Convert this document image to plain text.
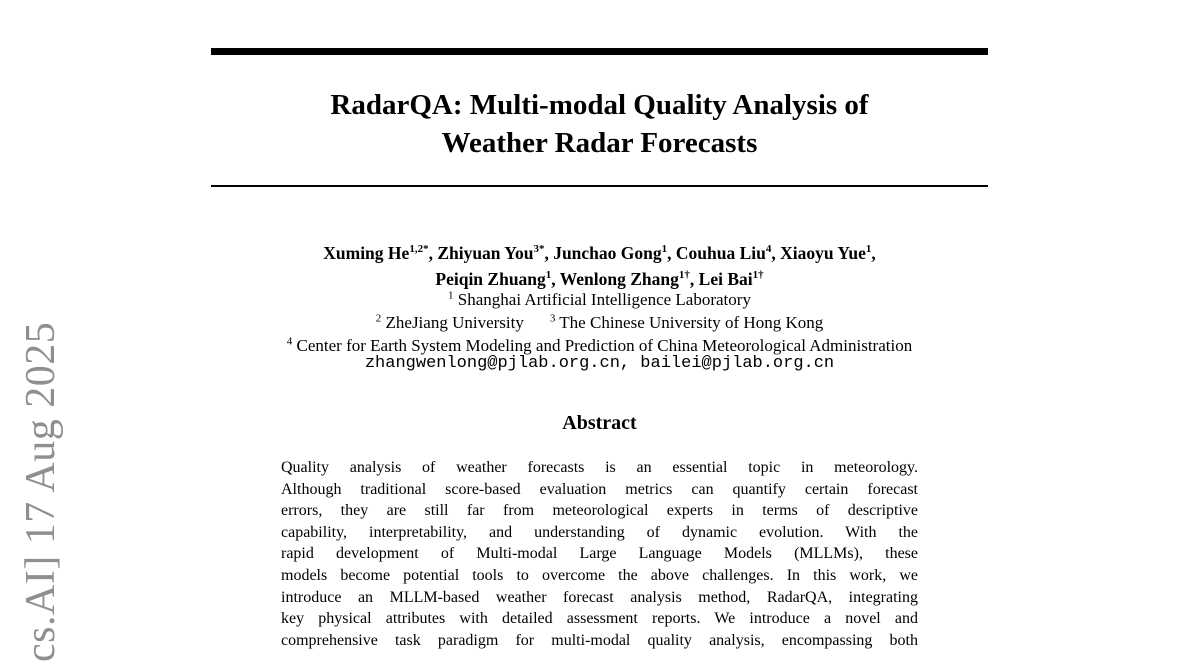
cs.AI] 17 Aug 2025
RadarQA: Multi-modal Quality Analysis of
Weather Radar Forecasts
Xuming $He^{1,2*}$, Zhiyuan You$^{3*}$, Junchao Gong$^1$, Couhua Liu$^4$, Xiaoyu Yue$^1$,
Peiqin Zhuang$^1$, Wenlong Zhang$^{1\dagger}$, Lei Bai$^{1\dagger}$
$^1$ Shanghai Artificial Intelligence Laboratory
$^2$ ZheJiang University $^3$ The Chinese University of Hong Kong
$^4$ Center for Earth System Modeling and Prediction of China Meteorological Administration
zhangwenlong@pjlab.org.cn, bailei@pjlab.org.cn
Abstract
Quality analysis of weather forecasts is an essential topic in meteorology.
Although traditional score-based evaluation metrics can quantify certain forecast
errors, they are still far from meteorological experts in terms of descriptive
capability, interpretability, and understanding of dynamic evolution. With the
rapid development of Multi-modal Large Language Models (MLLMs), these
models become potential tools to overcome the above challenges. In this work, we
introduce an MLLM-based weather forecast analysis method, RadarQA, integrating
key physical attributes with detailed assessment reports. We introduce a novel and
comprehensive task paradigm for multi-modal quality analysis, encompassing both
